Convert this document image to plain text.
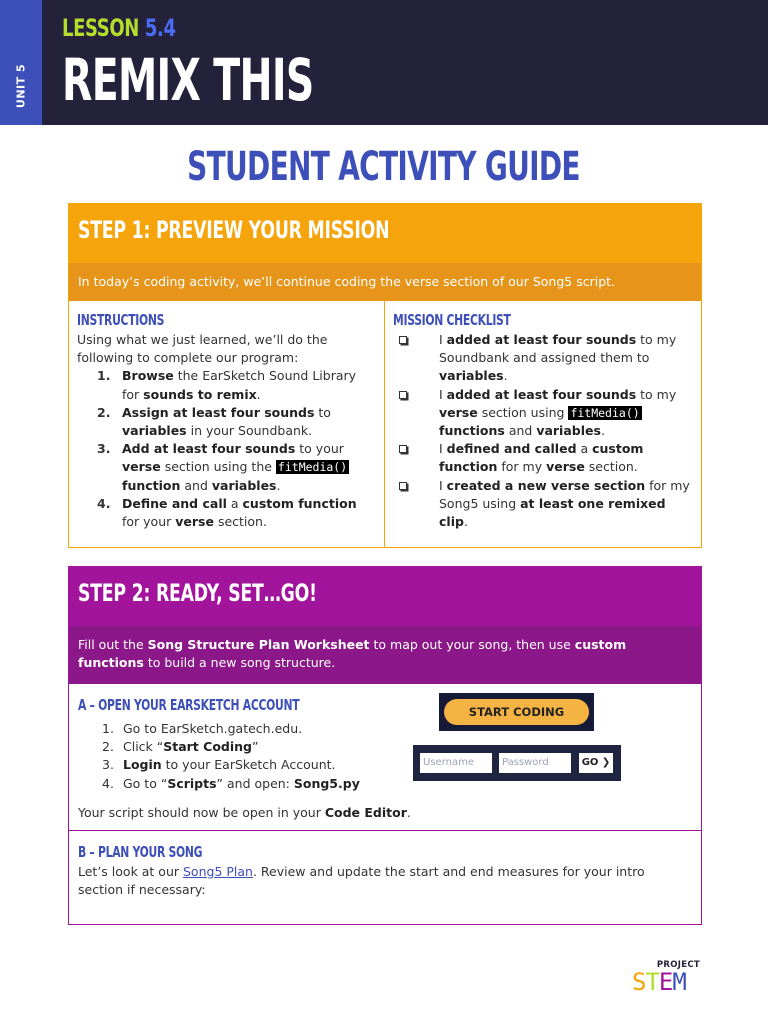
UNIT 5
LESSON 5.4
REMIX THIS
STUDENT ACTIVITY GUIDE
STEP 1: PREVIEW YOUR MISSION
In today’s coding activity, we’ll continue coding the verse section of our Song5 script.
INSTRUCTIONS
Using what we just learned, we’ll do the following to complete our program:
1. Browse the EarSketch Sound Library for sounds to remix.
2. Assign at least four sounds to variables in your Soundbank.
3. Add at least four sounds to your verse section using the fitMedia() function and variables.
4. Define and call a custom function for your verse section.
MISSION CHECKLIST
I added at least four sounds to my Soundbank and assigned them to variables.
I added at least four sounds to my verse section using fitMedia() functions and variables.
I defined and called a custom function for my verse section.
I created a new verse section for my Song5 using at least one remixed clip.
STEP 2: READY, SET…GO!
Fill out the Song Structure Plan Worksheet to map out your song, then use custom functions to build a new song structure.
A – OPEN YOUR EARSKETCH ACCOUNT
1. Go to EarSketch.gatech.edu.
2. Click “Start Coding”
3. Login to your EarSketch Account.
4. Go to “Scripts” and open: Song5.py
Your script should now be open in your Code Editor.
START CODING
Username	Password	GO ❯
B – PLAN YOUR SONG
Let’s look at our Song5 Plan. Review and update the start and end measures for your intro section if necessary:
PROJECT
STEM
